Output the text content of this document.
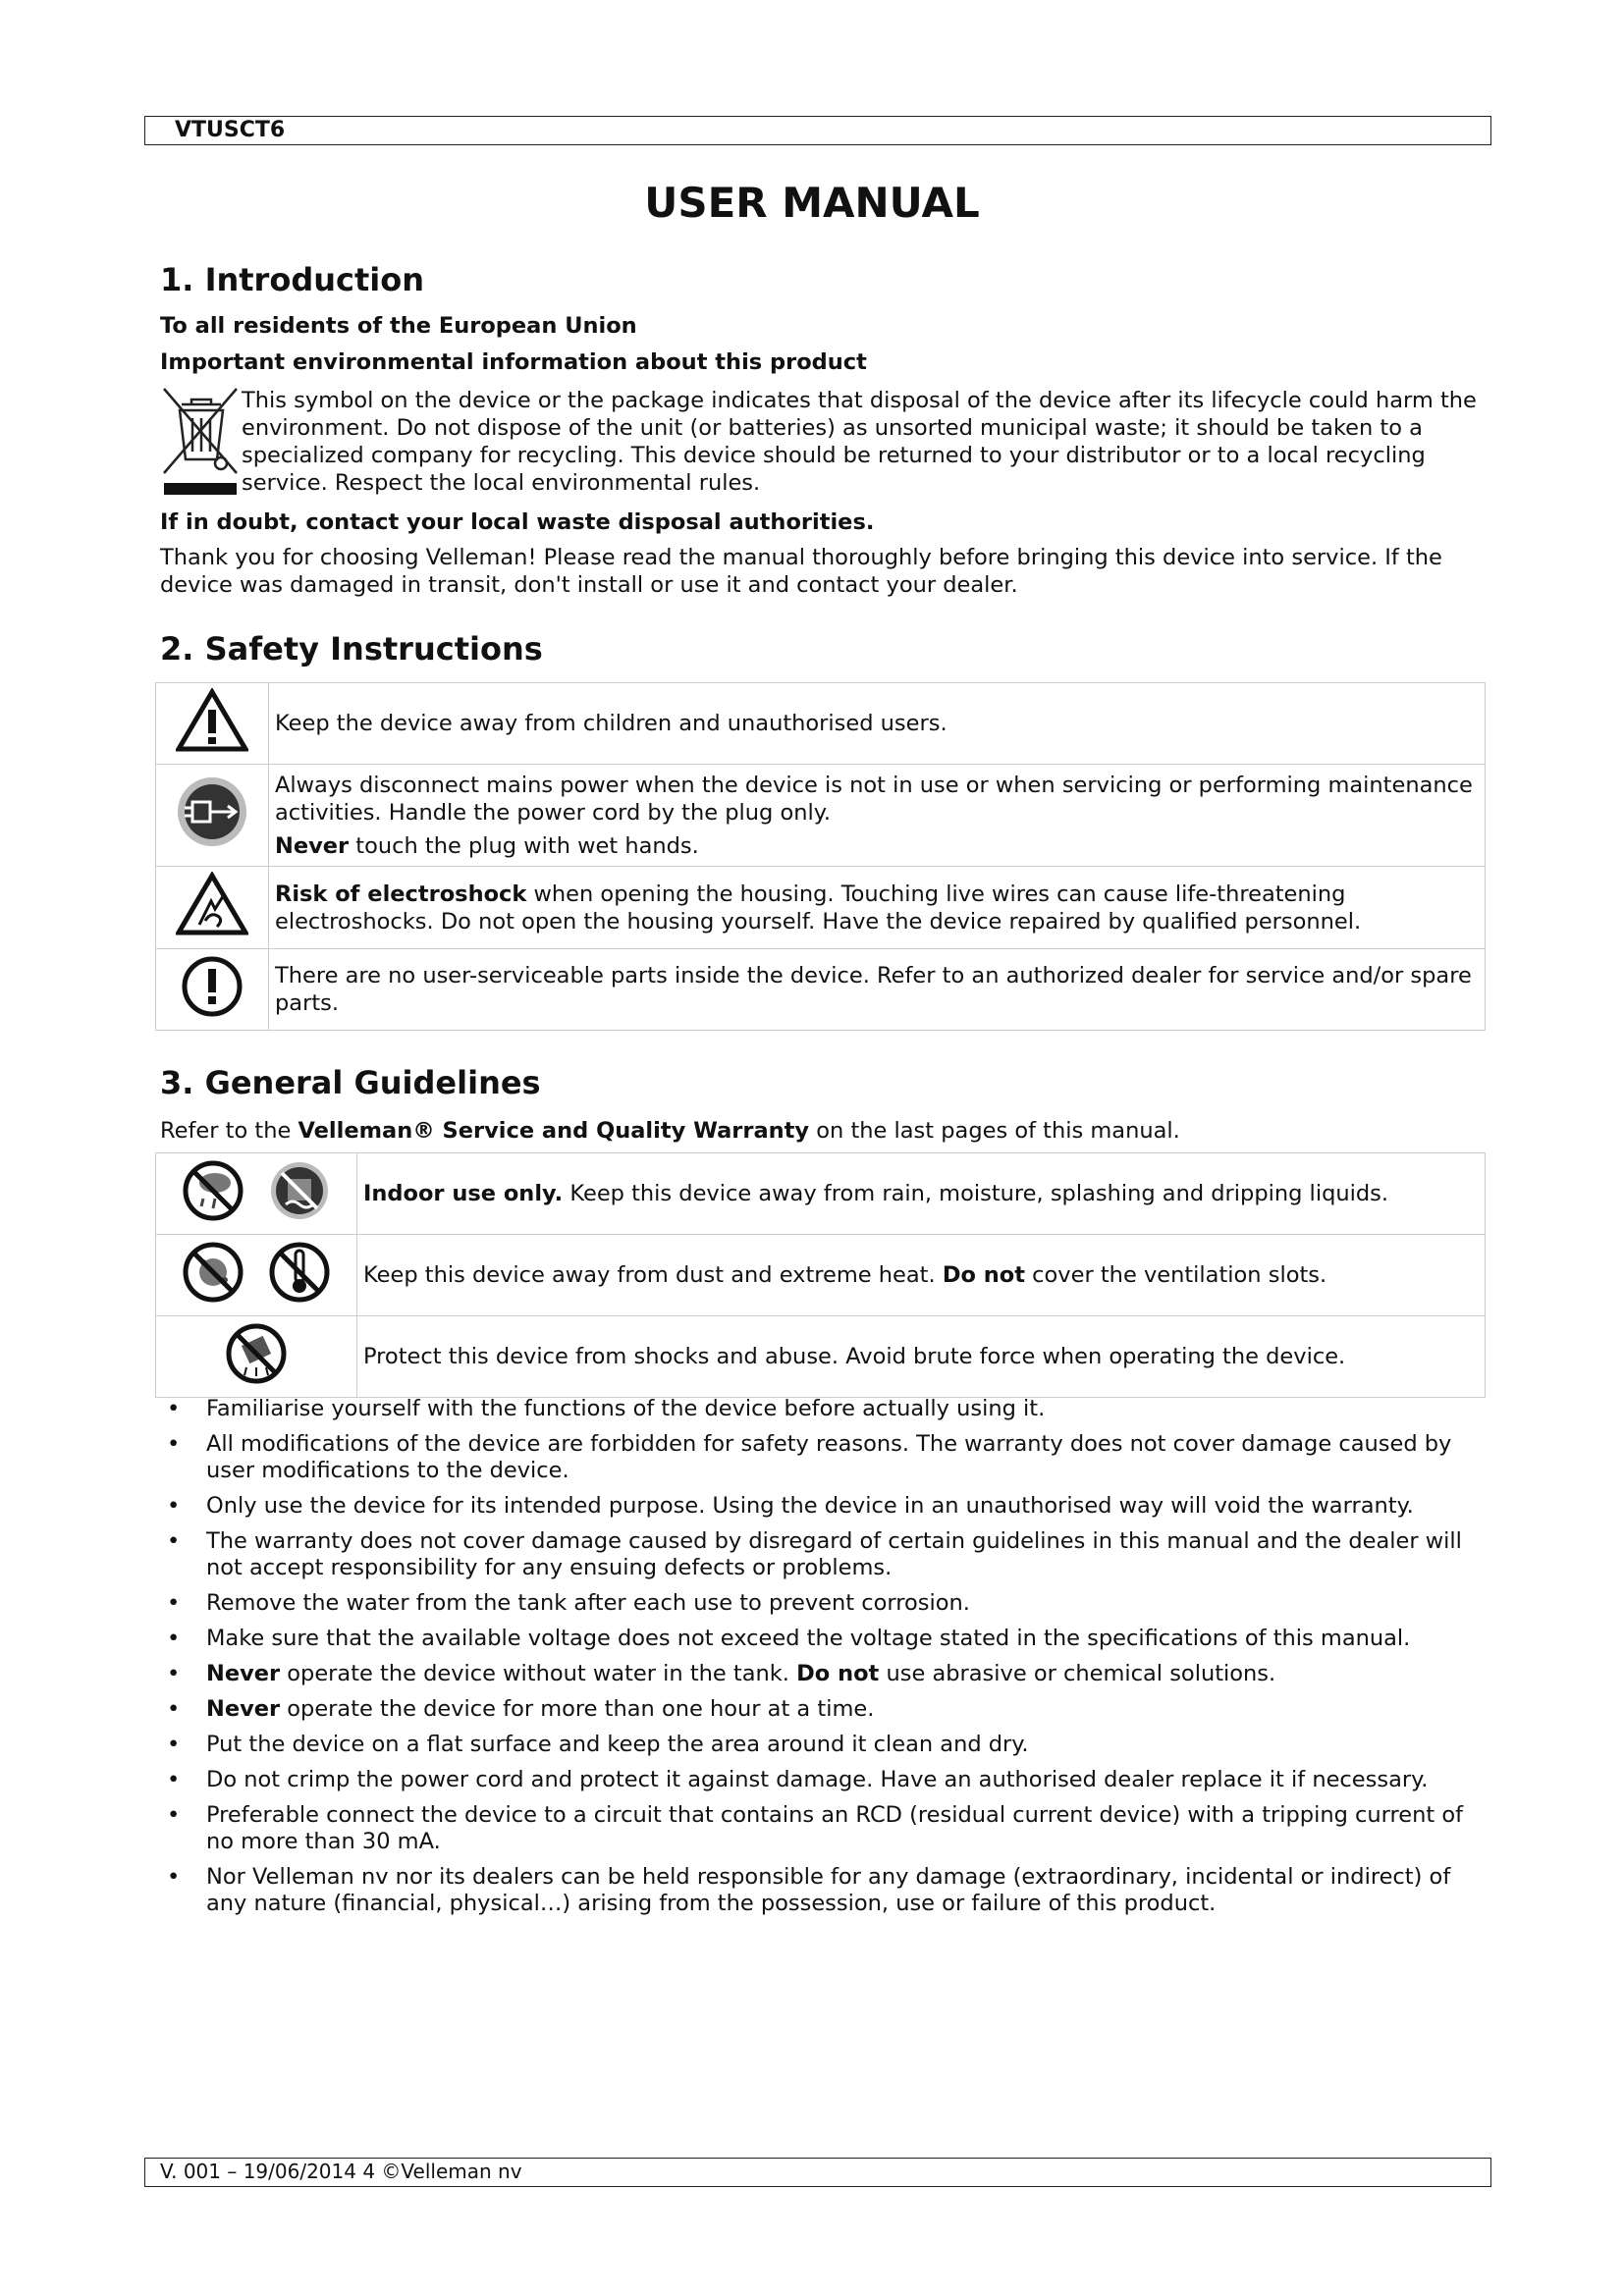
VTUSCT6
USER MANUAL
1. Introduction

To all residents of the European Union

Important environmental information about this product

This symbol on the device or the package indicates that disposal of the device after its lifecycle could harm the environment. Do not dispose of the unit (or batteries) as unsorted municipal waste; it should be taken to a specialized company for recycling. This device should be returned to your distributor or to a local recycling service. Respect the local environmental rules.

If in doubt, contact your local waste disposal authorities.

Thank you for choosing Velleman! Please read the manual thoroughly before bringing this device into service. If the device was damaged in transit, don't install or use it and contact your dealer.

2. Safety Instructions
	Keep the device away from children and unauthorised users.
	Always disconnect mains power when the device is not in use or when servicing or performing maintenance activities. Handle the power cord by the plug only.
Never touch the plug with wet hands.

	Risk of electroshock when opening the housing. Touching live wires can cause life-threatening electroshocks. Do not open the housing yourself. Have the device repaired by qualified personnel.
	There are no user-serviceable parts inside the device. Refer to an authorized dealer for service and/or spare parts.
3. General Guidelines

Refer to the Velleman® Service and Quality Warranty on the last pages of this manual.

	Indoor use only. Keep this device away from rain, moisture, splashing and dripping liquids.
	Keep this device away from dust and extreme heat. Do not cover the ventilation slots.
	Protect this device from shocks and abuse. Avoid brute force when operating the device.
• Familiarise yourself with the functions of the device before actually using it.
• All modifications of the device are forbidden for safety reasons. The warranty does not cover damage caused by user modifications to the device.
• Only use the device for its intended purpose. Using the device in an unauthorised way will void the warranty.
• The warranty does not cover damage caused by disregard of certain guidelines in this manual and the dealer will not accept responsibility for any ensuing defects or problems.
• Remove the water from the tank after each use to prevent corrosion.
• Make sure that the available voltage does not exceed the voltage stated in the specifications of this manual.
• Never operate the device without water in the tank. Do not use abrasive or chemical solutions.
• Never operate the device for more than one hour at a time.
• Put the device on a flat surface and keep the area around it clean and dry.
• Do not crimp the power cord and protect it against damage. Have an authorised dealer replace it if necessary.
• Preferable connect the device to a circuit that contains an RCD (residual current device) with a tripping current of no more than 30 mA.
• Nor Velleman nv nor its dealers can be held responsible for any damage (extraordinary, incidental or indirect) of any nature (financial, physical…) arising from the possession, use or failure of this product.
V. 001 – 19/06/2014 4 ©Velleman nv
